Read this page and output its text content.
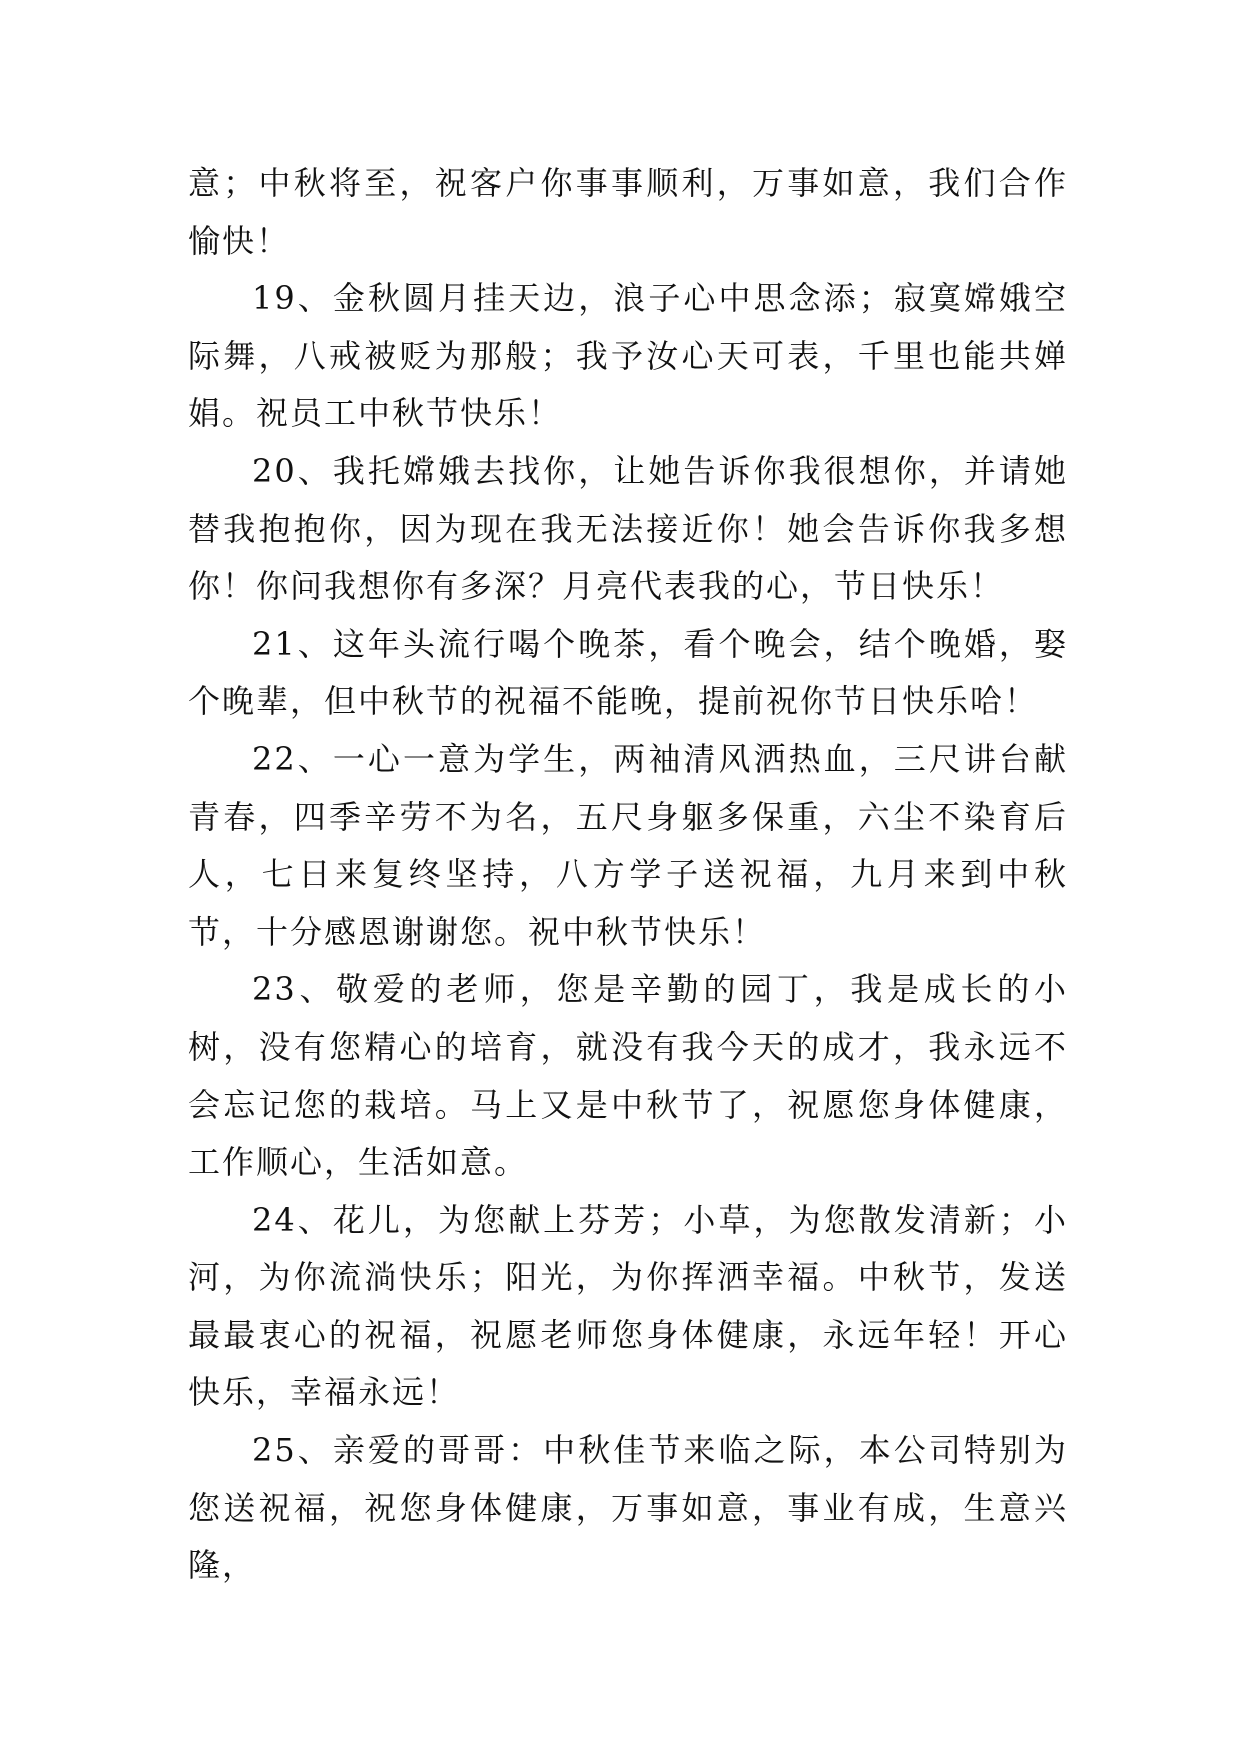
意；中秋将至，祝客户你事事顺利，万事如意，我们合作愉快！

19、金秋圆月挂天边，浪子心中思念添；寂寞嫦娥空际舞，八戒被贬为那般；我予汝心天可表，千里也能共婵娟。祝员工中秋节快乐！

20、我托嫦娥去找你，让她告诉你我很想你，并请她替我抱抱你，因为现在我无法接近你！她会告诉你我多想你！你问我想你有多深？月亮代表我的心，节日快乐！

21、这年头流行喝个晚茶，看个晚会，结个晚婚，娶个晚辈，但中秋节的祝福不能晚，提前祝你节日快乐哈！

22、一心一意为学生，两袖清风洒热血，三尺讲台献青春，四季辛劳不为名，五尺身躯多保重，六尘不染育后人，七日来复终坚持，八方学子送祝福，九月来到中秋节，十分感恩谢谢您。祝中秋节快乐！

23、敬爱的老师，您是辛勤的园丁，我是成长的小树，没有您精心的培育，就没有我今天的成才，我永远不会忘记您的栽培。马上又是中秋节了，祝愿您身体健康，工作顺心，生活如意。

24、花儿，为您献上芬芳；小草，为您散发清新；小河，为你流淌快乐；阳光，为你挥洒幸福。中秋节，发送最最衷心的祝福，祝愿老师您身体健康，永远年轻！开心快乐，幸福永远！

25、亲爱的哥哥：中秋佳节来临之际，本公司特别为您送祝福，祝您身体健康，万事如意，事业有成，生意兴隆，
